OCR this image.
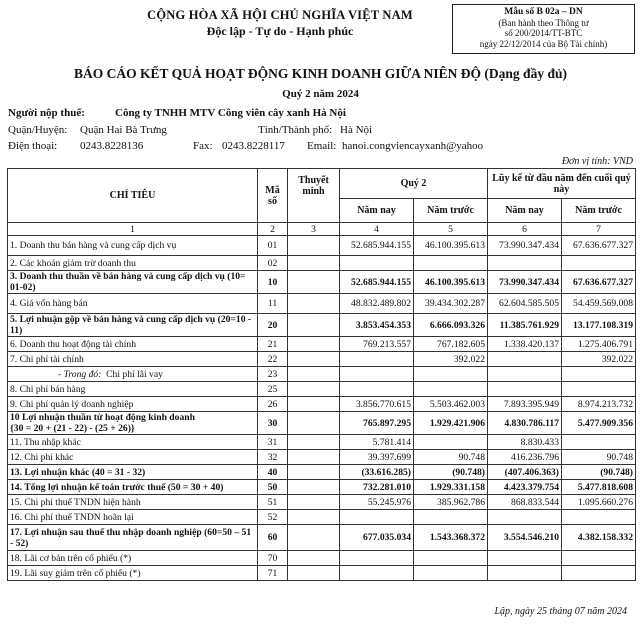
CỘNG HÒA XÃ HỘI CHỦ NGHĨA VIỆT NAM
Độc lập - Tự do - Hạnh phúc
Mẫu số B 02a – DN
(Ban hành theo Thông tư
số 200/2014/TT-BTC
ngày 22/12/2014 của Bộ Tài chính)
BÁO CÁO KẾT QUẢ HOẠT ĐỘNG KINH DOANH GIỮA NIÊN ĐỘ (Dạng đầy đủ)
Quý 2 năm 2024
Người nộp thuế:	Công ty TNHH MTV Công viên cây xanh Hà Nội
Quận/Huyện: Quận Hai Bà Trưng	Tỉnh/Thành phố: Hà Nội
Điện thoại: 0243.8228136	Fax: 0243.8228117 Email: hanoi.congviencayxanh@yahoo
Đơn vị tính: VND
CHỈ TIÊU	Mã số	Thuyết minh	Quý 2		Lũy kế từ đầu năm đến cuối quý này	
			Năm nay	Năm trước	Năm nay	Năm trước
1	2	3	4	5	6	7
1. Doanh thu bán hàng và cung cấp dịch vụ	01		52.685.944.155	46.100.395.613	73.990.347.434	67.636.677.327
2. Các khoản giảm trừ doanh thu	02					
3. Doanh thu thuần về bán hàng và cung cấp dịch vụ (10= 01-02)	10		52.685.944.155	46.100.395.613	73.990.347.434	67.636.677.327
4. Giá vốn hàng bán	11		48.832.489.802	39.434.302.287	62.604.585.505	54.459.569.008
5. Lợi nhuận gộp về bán hàng và cung cấp dịch vụ (20=10 - 11)	20		3.853.454.353	6.666.093.326	11.385.761.929	13.177.108.319
6. Doanh thu hoạt động tài chính	21		769.213.557	767.182.605	1.338.420.137	1.275.406.791
7. Chi phí tài chính	22			392.022		392.022
- Trong đó: Chi phí lãi vay	23					
8. Chi phí bán hàng	25					
9. Chi phí quản lý doanh nghiệp	26		3.856.770.615	5.503.462.003	7.893.395.949	8.974.213.732

10 Lợi nhuận thuần từ hoạt động kinh doanh
{30 = 20 + (21 - 22) - (25 + 26)}	30		765.897.295	1.929.421.906	4.830.786.117	5.477.909.356
11. Thu nhập khác	31		5.781.414		8.830.433	
12. Chi phí khác	32		39.397.699	90.748	416.236.796	90.748
13. Lợi nhuận khác (40 = 31 - 32)	40		(33.616.285)	(90.748)	(407.406.363)	(90.748)
14. Tổng lợi nhuận kế toán trước thuế (50 = 30 + 40)	50		732.281.010	1.929.331.158	4.423.379.754	5.477.818.608
15. Chi phí thuế TNDN hiện hành	51		55.245.976	385.962.786	868.833.544	1.095.660.276
16. Chi phí thuế TNDN hoãn lại	52					
17. Lợi nhuận sau thuế thu nhập doanh nghiệp (60=50 – 51 - 52)	60		677.035.034	1.543.368.372	3.554.546.210	4.382.158.332
18. Lãi cơ bản trên cổ phiếu (*)	70					
19. Lãi suy giảm trên cổ phiếu (*)	71					
Lập, ngày 25 tháng 07 năm 2024
